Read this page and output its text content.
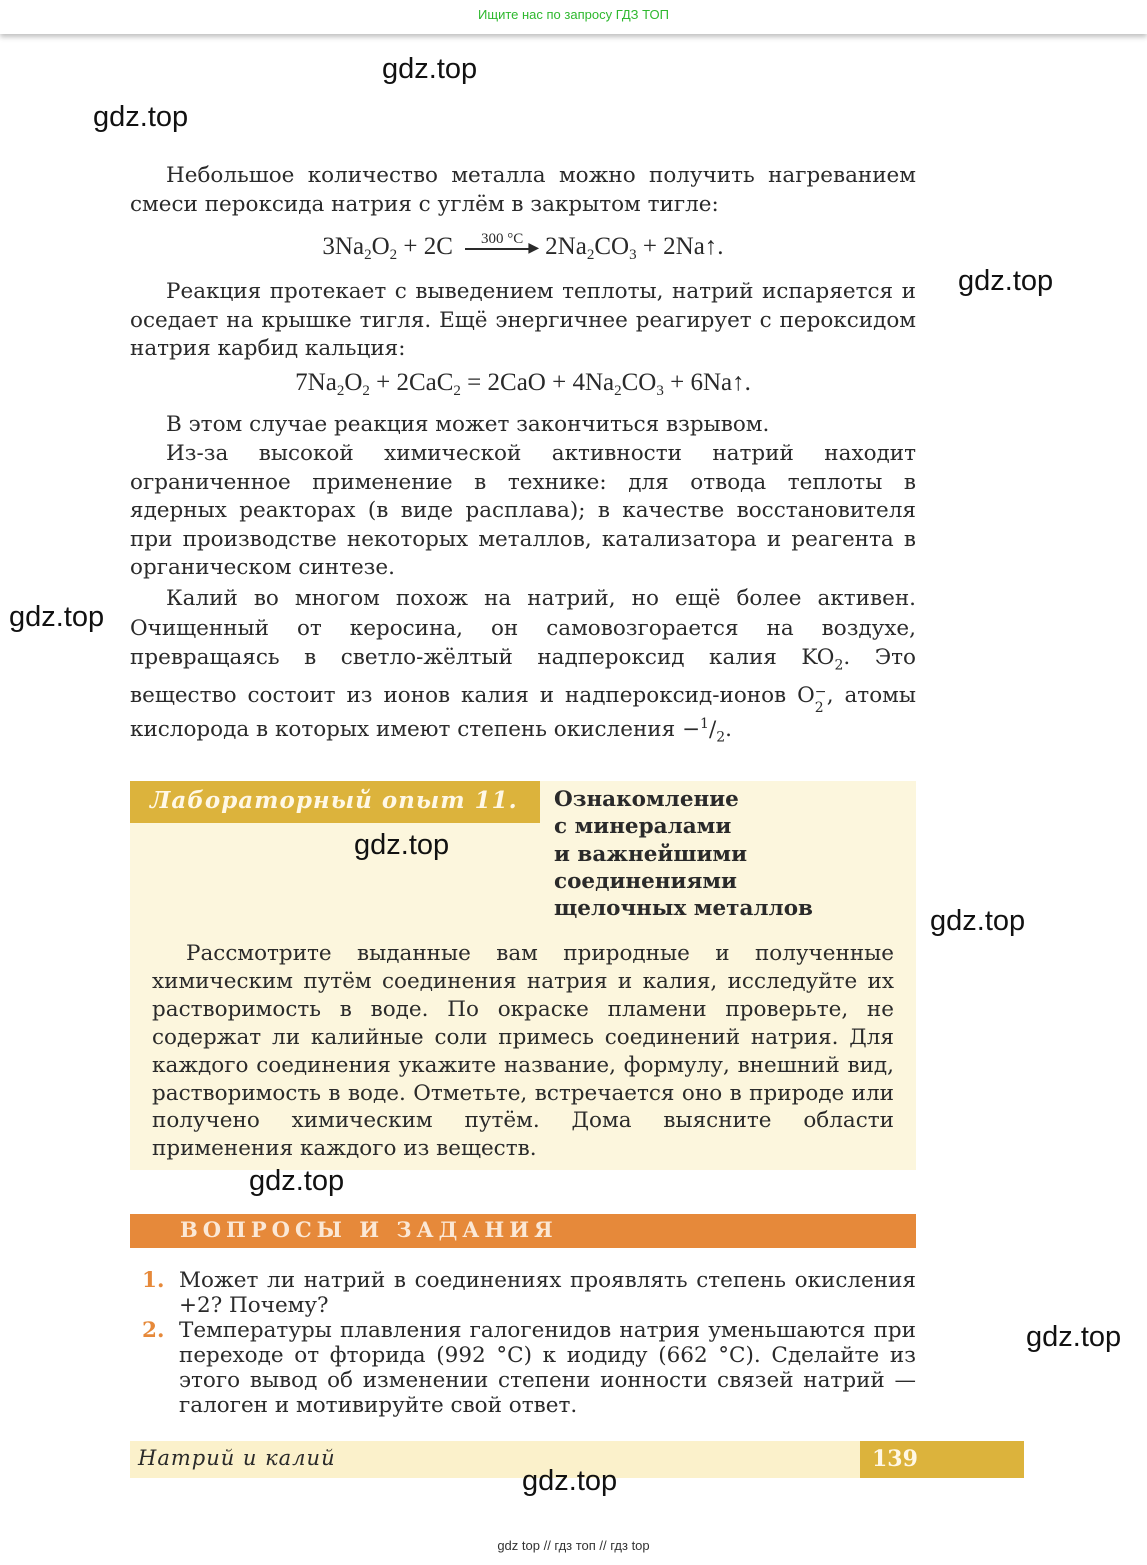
Ищите нас по запросу ГДЗ ТОП

Небольшое количество металла можно получить нагреванием смеси пероксида натрия с углём в закрытом тигле:

$3Na_2O_2 + 2C$	300 °C
▶ $2Na_2CO_3$ + 2Na↑.

Реакция протекает с выведением теплоты, натрий испаряется и оседает на крышке тигля. Ещё энергичнее реагирует с пероксидом натрия карбид кальция:

$7Na_2O_2 + 2CaC_2 = 2CaO + 4Na_2CO_3$ + 6Na↑.

В этом случае реакция может закончиться взрывом.

Из-за высокой химической активности натрий находит ограниченное применение в технике: для отвода теплоты в ядерных реакторах (в виде расплава); в качестве восстановителя при производстве некоторых металлов, катализатора и реагента в органическом синтезе.

Калий во многом похож на натрий, но ещё более активен. Очищенный от керосина, он самовозгорается на воздухе, превращаясь в светло-жёлтый надпероксид калия $KO_2$. Это вещество состоит из ионов калия и надпероксид-ионов O −
2 , атомы кислорода в которых имеют степень окисления $-^1/_2$.

Лабораторный опыт 11. Ознакомление
с минералами
и важнейшими
соединениями
щелочных металлов

Рассмотрите выданные вам природные и полученные химическим путём соединения натрия и калия, исследуйте их растворимость в воде. По окраске пламени проверьте, не содержат ли калийные соли примесь соединений натрия. Для каждого соединения укажите название, формулу, внешний вид, растворимость в воде. Отметьте, встречается оно в природе или получено химическим путём. Дома выясните области применения каждого из веществ.

ВОПРОСЫ И ЗАДАНИЯ
1. Может ли натрий в соединениях проявлять степень окисления +2? Почему?
2. Температуры плавления галогенидов натрия уменьшаются при переходе от фторида (992 °C) к иодиду (662 °C). Сделайте из этого вывод об изменении степени ионности связей натрий — галоген и мотивируйте свой ответ.
Натрий и калий	139
gdz top // гдз топ // гдз top
gdz.top
gdz.top
gdz.top
gdz.top
gdz.top
gdz.top
gdz.top
gdz.top
gdz.top
